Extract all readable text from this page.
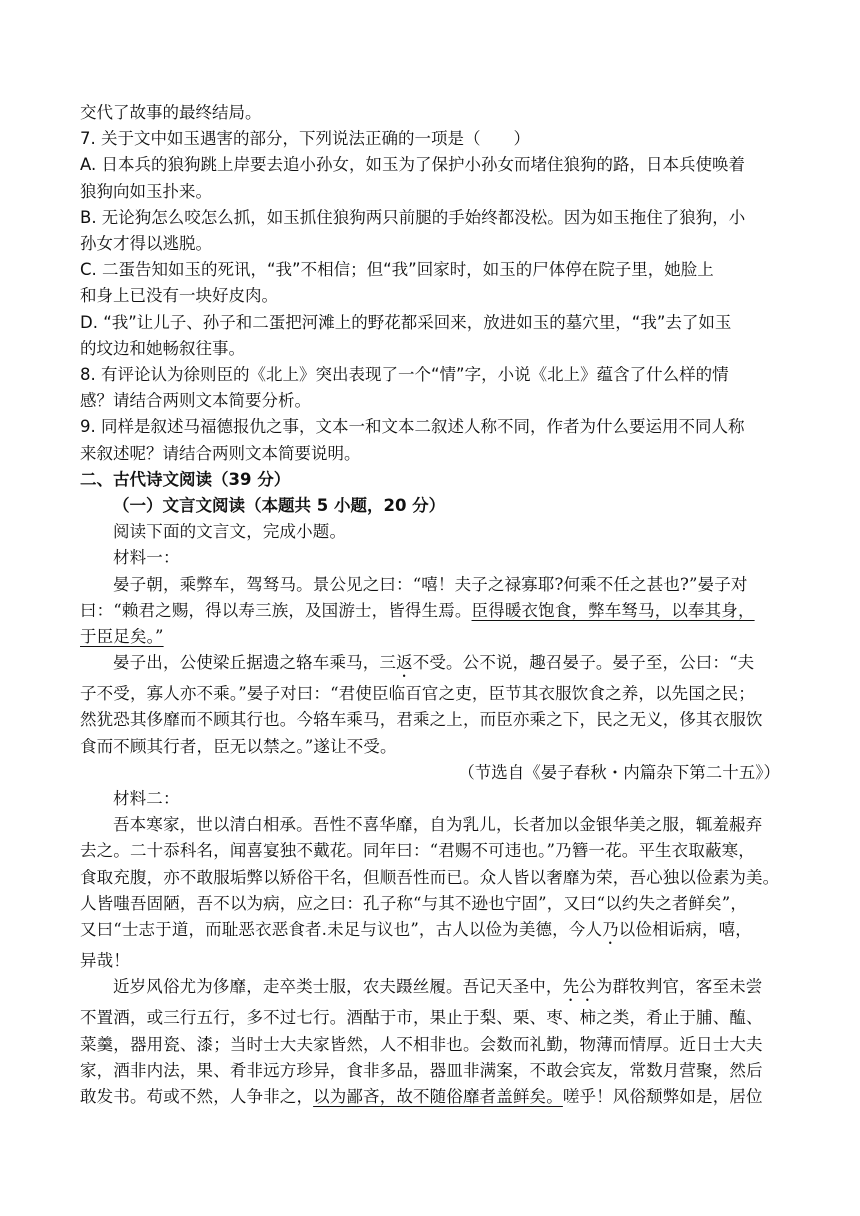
交代了故事的最终结局。
7. 关于文中如玉遇害的部分，下列说法正确的一项是（　　）
A. 日本兵的狼狗跳上岸要去追小孙女，如玉为了保护小孙女而堵住狼狗的路，日本兵使唤着
狼狗向如玉扑来。
B. 无论狗怎么咬怎么抓，如玉抓住狼狗两只前腿的手始终都没松。因为如玉拖住了狼狗，小
孙女才得以逃脱。
C. 二蛋告知如玉的死讯，“我”不相信；但“我”回家时，如玉的尸体停在院子里，她脸上
和身上已没有一块好皮肉。
D. “我”让儿子、孙子和二蛋把河滩上的野花都采回来，放进如玉的墓穴里，“我”去了如玉
的坟边和她畅叙往事。
8. 有评论认为徐则臣的《北上》突出表现了一个“情”字，小说《北上》蕴含了什么样的情
感？请结合两则文本简要分析。
9. 同样是叙述马福德报仇之事，文本一和文本二叙述人称不同，作者为什么要运用不同人称
来叙述呢？请结合两则文本简要说明。
二、古代诗文阅读（39 分）
（一）文言文阅读（本题共 5 小题，20 分）
阅读下面的文言文，完成小题。
材料一：
晏子朝，乘弊车，驾驽马。景公见之曰：“嘻！夫子之禄寡耶?何乘不任之甚也?”晏子对
曰：“赖君之赐，得以寿三族，及国游士，皆得生焉。臣得暖衣饱食，弊车驽马，以奉其身，
于臣足矣。”
晏子出，公使梁丘据遗之辂车乘马，三返不受。公不说，趣召晏子。晏子至，公曰：“夫
子不受，寡人亦不乘。”晏子对曰：“君使臣临百官之吏，臣节其衣服饮食之养，以先国之民；
然犹恐其侈靡而不顾其行也。今辂车乘马，君乘之上，而臣亦乘之下，民之无义，侈其衣服饮
食而不顾其行者，臣无以禁之。”遂让不受。
（节选自《晏子春秋・内篇杂下第二十五》）
材料二：
吾本寒家，世以清白相承。吾性不喜华靡，自为乳儿，长者加以金银华美之服，辄羞赧弃
去之。二十忝科名，闻喜宴独不戴花。同年曰：“君赐不可违也。”乃簪一花。平生衣取蔽寒，
食取充腹，亦不敢服垢弊以矫俗干名，但顺吾性而已。众人皆以奢靡为荣，吾心独以俭素为美。
人皆嗤吾固陋，吾不以为病，应之曰：孔子称“与其不逊也宁固”，又曰“以约失之者鲜矣”，
又曰“士志于道，而耻恶衣恶食者.未足与议也”，古人以俭为美德，今人乃以俭相诟病，嘻，
异哉！
近岁风俗尤为侈靡，走卒类士服，农夫蹑丝履。吾记天圣中，先公为群牧判官，客至未尝
不置酒，或三行五行，多不过七行。酒酤于市，果止于梨、栗、枣、柿之类，肴止于脯、醢、
菜羹，器用瓷、漆；当时士大夫家皆然，人不相非也。会数而礼勤，物薄而情厚。近日士大夫
家，酒非内法，果、肴非远方珍异，食非多品，器皿非满案，不敢会宾友，常数月营聚，然后
敢发书。苟或不然，人争非之，以为鄙吝，故不随俗靡者盖鲜矣。嗟乎！风俗颓弊如是，居位
